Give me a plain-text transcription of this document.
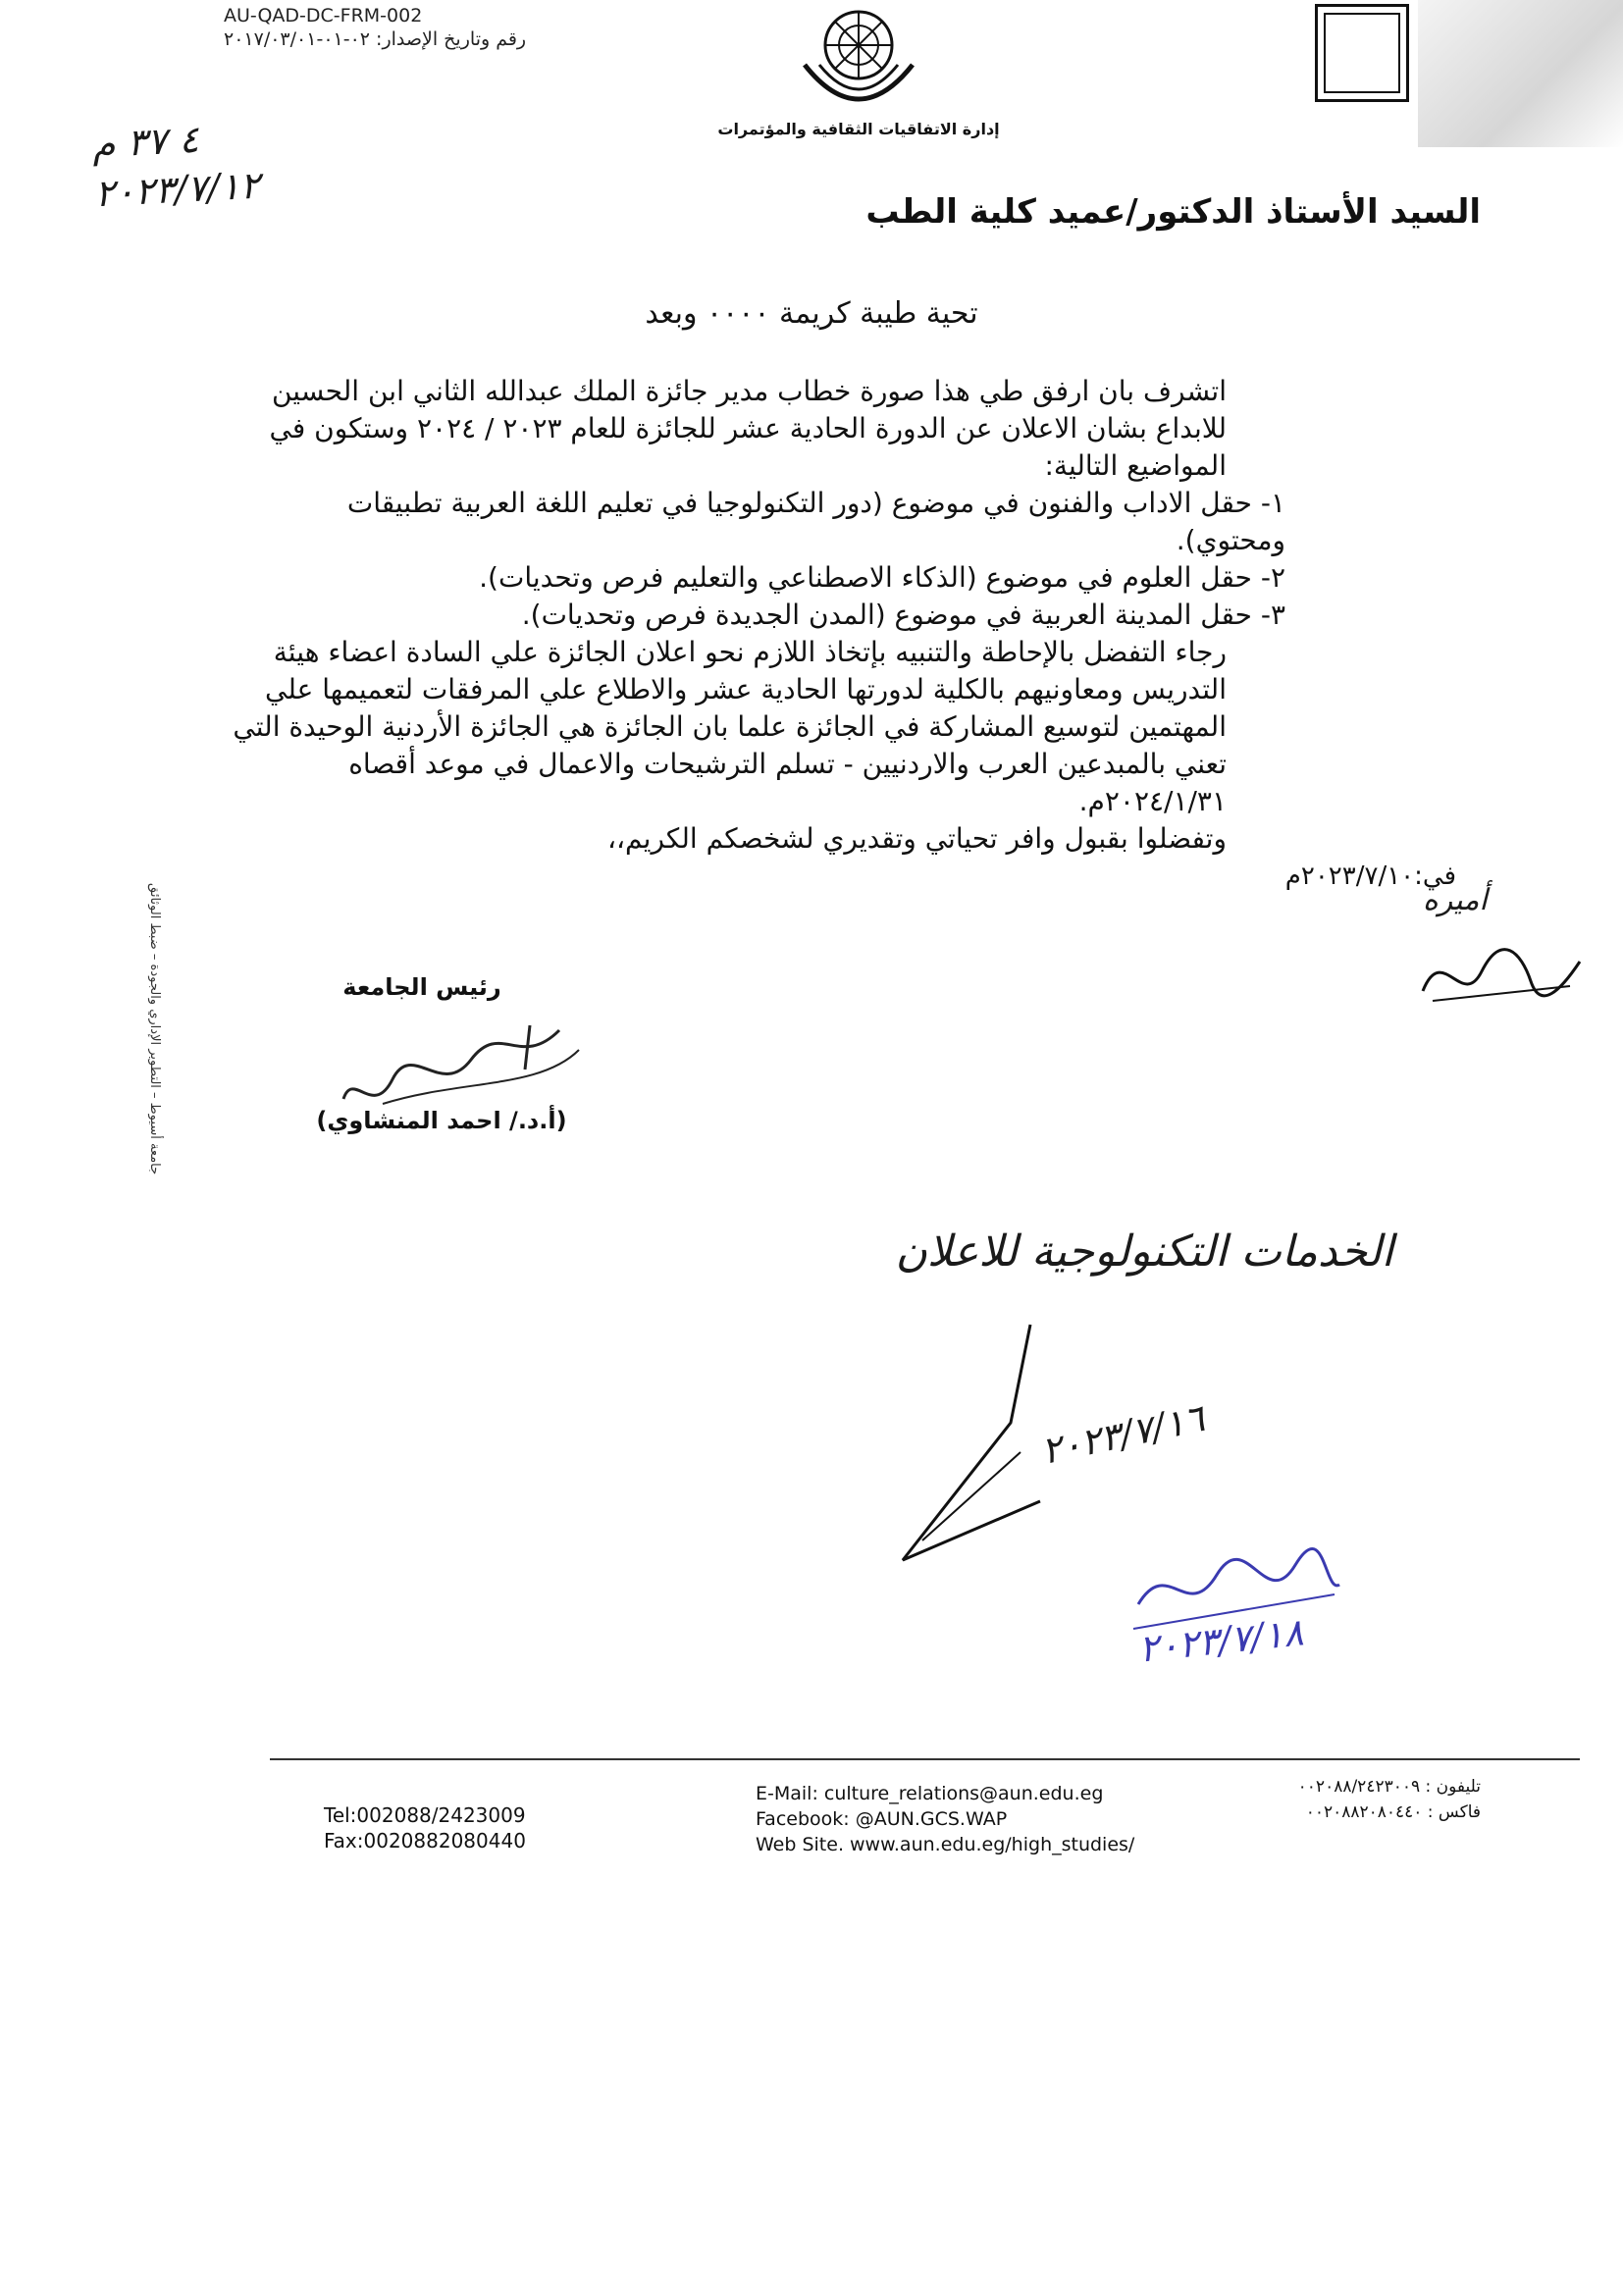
AU-QAD-DC-FRM-002
رقم وتاريخ الإصدار: ٠٢-٠١-٢٠١٧/٠٣/٠١
إدارة الاتفاقيات الثقافية والمؤتمرات
٤ ٣٧ م
٢٠٢٣/٧/١٢	السيد الأستاذ الدكتور/عميد كلية الطب
تحية طيبة كريمة ٠٠٠٠ وبعد

اتشرف بان ارفق طي هذا صورة خطاب مدير جائزة الملك عبدالله الثاني ابن الحسين للابداع بشان الاعلان عن الدورة الحادية عشر للجائزة للعام ٢٠٢٣ / ٢٠٢٤ وستكون في المواضيع التالية:

١- حقل الاداب والفنون في موضوع (دور التكنولوجيا في تعليم اللغة العربية تطبيقات ومحتوي).

٢- حقل العلوم في موضوع (الذكاء الاصطناعي والتعليم فرص وتحديات).

٣- حقل المدينة العربية في موضوع (المدن الجديدة فرص وتحديات).

رجاء التفضل بالإحاطة والتنبيه بإتخاذ اللازم نحو اعلان الجائزة علي السادة اعضاء هيئة التدريس ومعاونيهم بالكلية لدورتها الحادية عشر والاطلاع علي المرفقات لتعميمها علي المهتمين لتوسيع المشاركة في الجائزة علما بان الجائزة هي الجائزة الأردنية الوحيدة التي تعني بالمبدعين العرب والاردنيين - تسلم الترشيحات والاعمال في موعد أقصاه ٢٠٢٤/١/٣١م.

وتفضلوا بقبول وافر تحياتي وتقديري لشخصكم الكريم،،

في:٢٠٢٣/٧/١٠م
جامعة أسيوط – التطوير الإداري والجودة – ضبط الوثائق	أميره
رئيس الجامعة
(أ.د./ احمد المنشاوي)
الخدمات التكنولوجية للاعلان
٢٠٢٣/٧/١٦
٢٠٢٣/٧/١٨
Tel:002088/2423009
Fax:0020882080440
E-Mail: culture_relations@aun.edu.eg
Facebook: @AUN.GCS.WAP
Web Site. www.aun.edu.eg/high_studies/
تليفون : ٠٠٢٠٨٨/٢٤٢٣٠٠٩
فاكس : ٠٠٢٠٨٨٢٠٨٠٤٤٠
